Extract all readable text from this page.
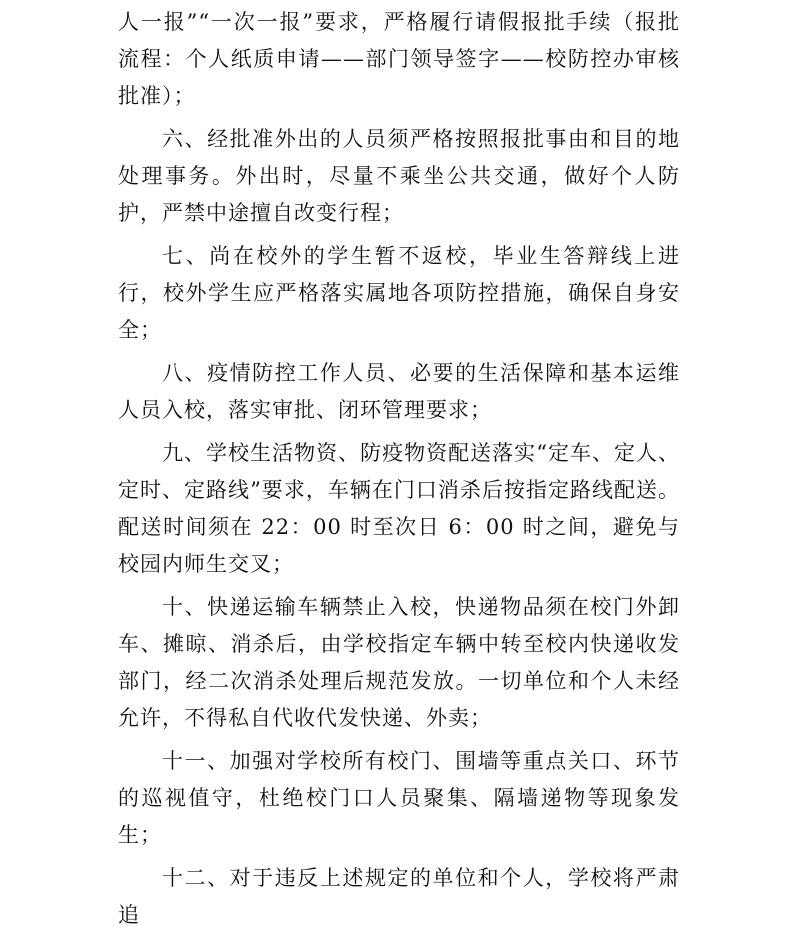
人一报”“一次一报”要求，严格履行请假报批手续（报批流程：个人纸质申请——部门领导签字——校防控办审核批准）；

六、经批准外出的人员须严格按照报批事由和目的地处理事务。外出时，尽量不乘坐公共交通，做好个人防护，严禁中途擅自改变行程；

七、尚在校外的学生暂不返校，毕业生答辩线上进行，校外学生应严格落实属地各项防控措施，确保自身安全；

八、疫情防控工作人员、必要的生活保障和基本运维人员入校，落实审批、闭环管理要求；

九、学校生活物资、防疫物资配送落实“定车、定人、定时、定路线”要求，车辆在门口消杀后按指定路线配送。配送时间须在 22：00 时至次日 6：00 时之间，避免与校园内师生交叉；

十、快递运输车辆禁止入校，快递物品须在校门外卸车、摊晾、消杀后，由学校指定车辆中转至校内快递收发部门，经二次消杀处理后规范发放。一切单位和个人未经允许，不得私自代收代发快递、外卖；

十一、加强对学校所有校门、围墙等重点关口、环节的巡视值守，杜绝校门口人员聚集、隔墙递物等现象发生；

十二、对于违反上述规定的单位和个人，学校将严肃追
